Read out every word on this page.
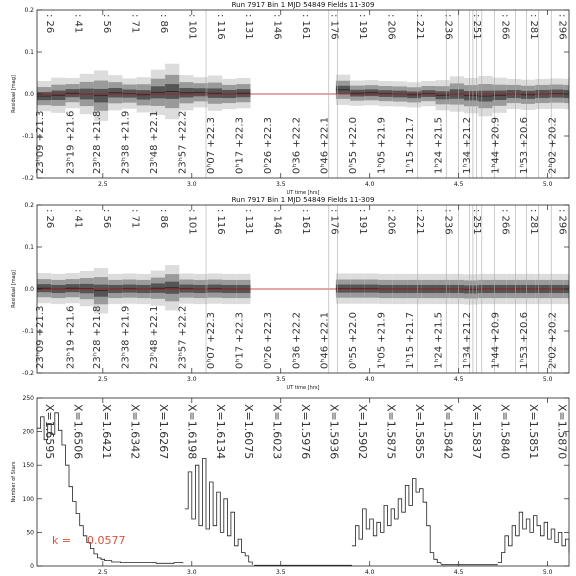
: 26 : 41 : 56 : 71 : 86 : 101 : 116 : 131 : 146 : 161 : 176 : 191 : 206 : 221 : 236 : 251 : 266 : 281 : 296
23ʰ09 +21.3 23ʰ19 +21.6 23ʰ28 +21.8 23ʰ38 +21.9 23ʰ48 +22.1 23ʰ57 +22.2 0ʰ07 +22.3 0ʰ17 +22.3 0ʰ26 +22.3 0ʰ36 +22.2 0ʰ46 +22.1 0ʰ55 +22.0 1ʰ05 +21.9 1ʰ15 +21.7 1ʰ24 +21.5 1ʰ34 +21.2 1ʰ44 +20.9 1ʰ53 +20.6 2ʰ02 +20.2
2.5	3.0	3.5	4.0	4.5	5.0
-0.2
-0.1
0.0
0.1
0.2
Run 7917 Bin 1 MJD 54849 Fields 11-309
UT time [hrs]
Residual [mag]
: 26 : 41 : 56 : 71 : 86 : 101 : 116 : 131 : 146 : 161 : 176 : 191 : 206 : 221 : 236 : 251 : 266 : 281 : 296
23ʰ09 +21.3 23ʰ19 +21.6 23ʰ28 +21.8 23ʰ38 +21.9 23ʰ48 +22.1 23ʰ57 +22.2 0ʰ07 +22.3 0ʰ17 +22.3 0ʰ26 +22.3 0ʰ36 +22.2 0ʰ46 +22.1 0ʰ55 +22.0 1ʰ05 +21.9 1ʰ15 +21.7 1ʰ24 +21.5 1ʰ34 +21.2 1ʰ44 +20.9 1ʰ53 +20.6 2ʰ02 +20.2
2.5	3.0	3.5	4.0	4.5	5.0
-0.2
-0.1
0.0
0.1
0.2
Run 7917 Bin 1 MJD 54849 Fields 11-309
UT time [hrs]
Residual [mag]
X=1.6595 X=1.6506 X=1.6421 X=1.6342 X=1.6267 X=1.6198 X=1.6134 X=1.6075 X=1.6023 X=1.5976 X=1.5936 X=1.5902 X=1.5875 X=1.5855 X=1.5842 X=1.5837 X=1.5840 X=1.5851 X=1.5870
k = 0.0577
2.5	3.0	3.5	4.0	4.5	5.0
0
50
100
150
200
250
Number of Stars
